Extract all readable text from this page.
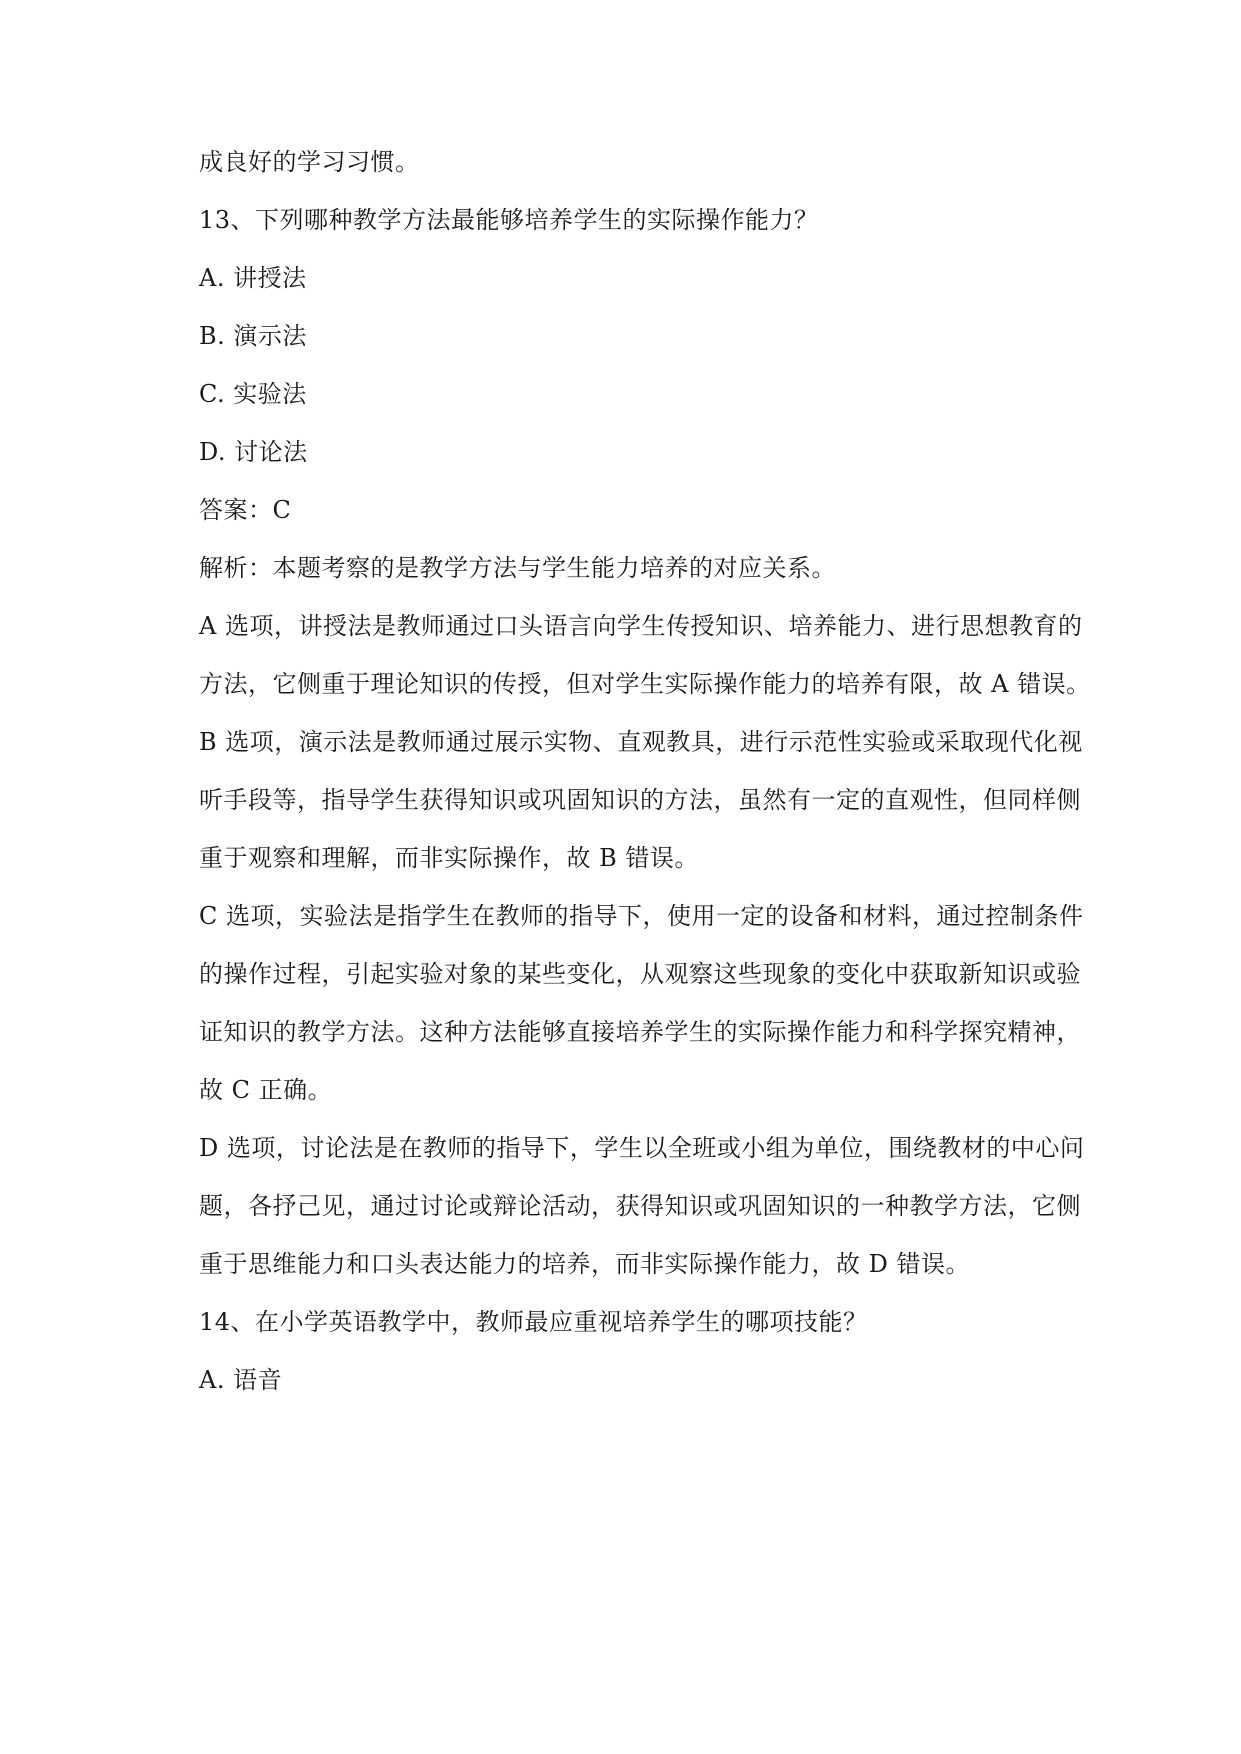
成良好的学习习惯。

13、下列哪种教学方法最能够培养学生的实际操作能力？

A. 讲授法

B. 演示法

C. 实验法

D. 讨论法

答案：C

解析：本题考察的是教学方法与学生能力培养的对应关系。

A 选项，讲授法是教师通过口头语言向学生传授知识、培养能力、进行思想教育的

方法，它侧重于理论知识的传授，但对学生实际操作能力的培养有限，故 A 错误。

B 选项，演示法是教师通过展示实物、直观教具，进行示范性实验或采取现代化视

听手段等，指导学生获得知识或巩固知识的方法，虽然有一定的直观性，但同样侧

重于观察和理解，而非实际操作，故 B 错误。

C 选项，实验法是指学生在教师的指导下，使用一定的设备和材料，通过控制条件

的操作过程，引起实验对象的某些变化，从观察这些现象的变化中获取新知识或验

证知识的教学方法。这种方法能够直接培养学生的实际操作能力和科学探究精神，

故 C 正确。

D 选项，讨论法是在教师的指导下，学生以全班或小组为单位，围绕教材的中心问

题，各抒己见，通过讨论或辩论活动，获得知识或巩固知识的一种教学方法，它侧

重于思维能力和口头表达能力的培养，而非实际操作能力，故 D 错误。

14、在小学英语教学中，教师最应重视培养学生的哪项技能？

A. 语音
